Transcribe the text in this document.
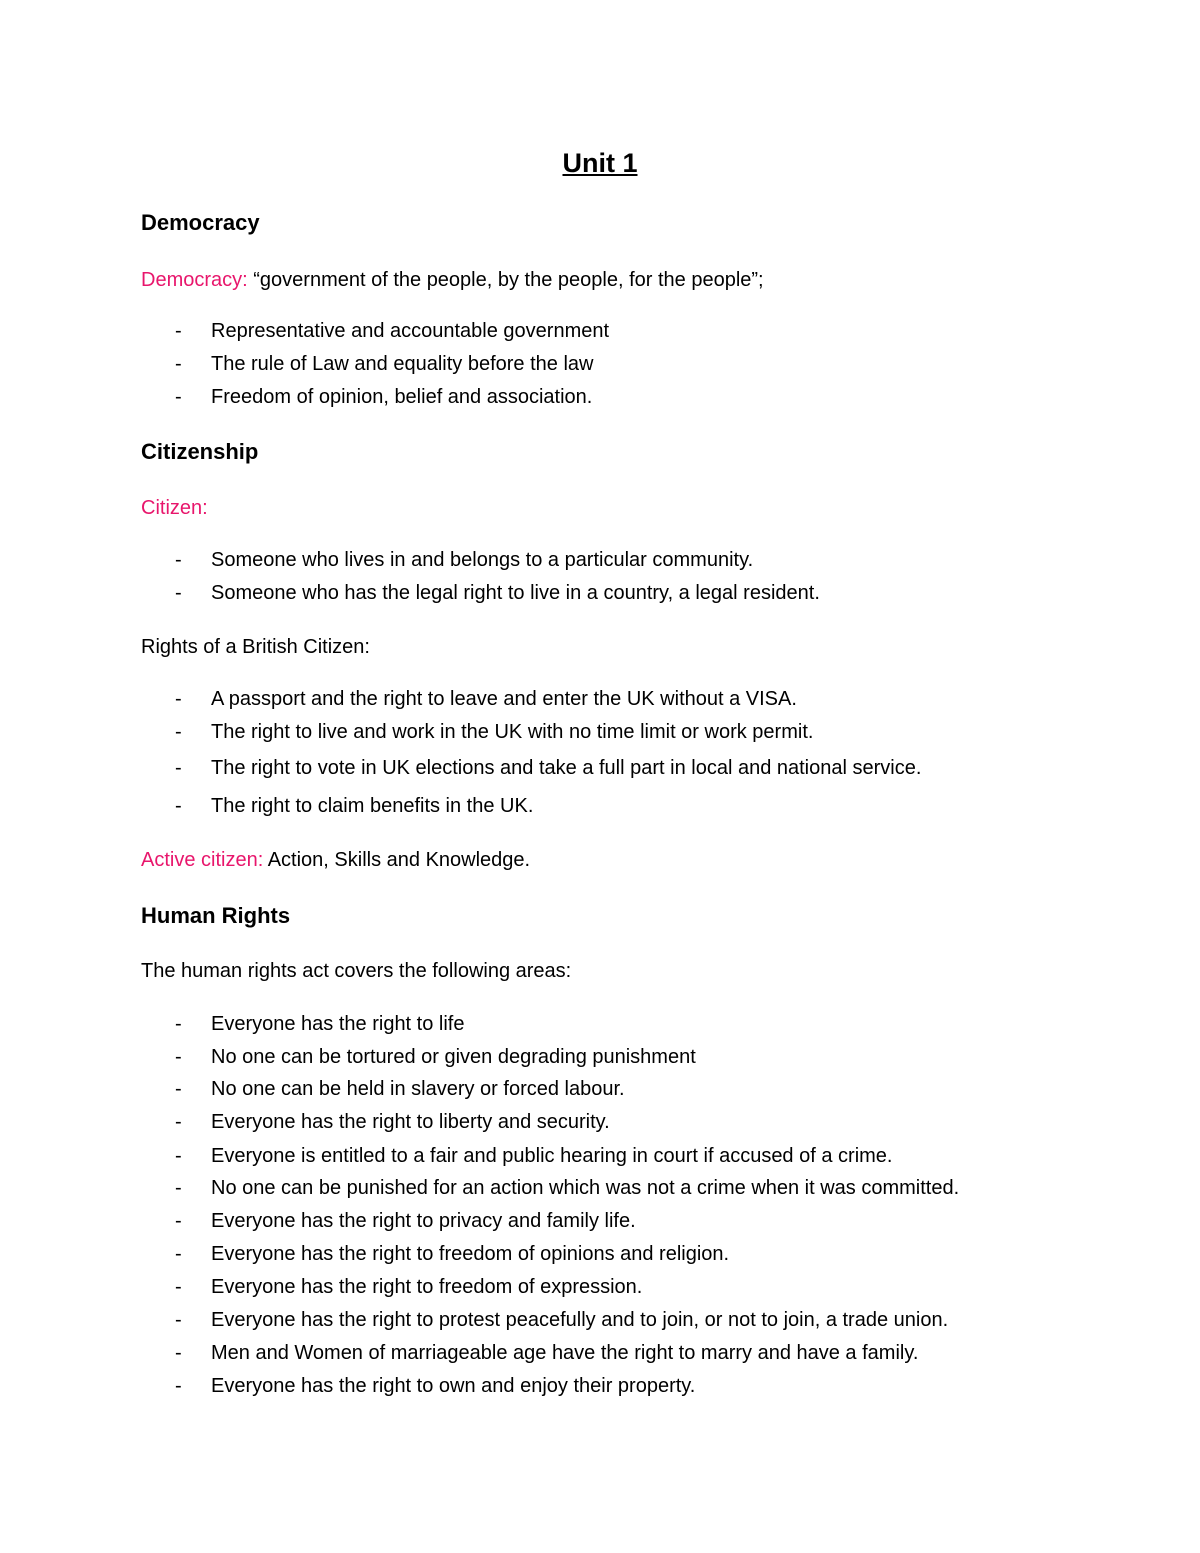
Unit 1
Democracy
Democracy: “government of the people, by the people, for the people”;
- Representative and accountable government
- The rule of Law and equality before the law
- Freedom of opinion, belief and association.
Citizenship
Citizen:
- Someone who lives in and belongs to a particular community.
- Someone who has the legal right to live in a country, a legal resident.
Rights of a British Citizen:
- A passport and the right to leave and enter the UK without a VISA.
- The right to live and work in the UK with no time limit or work permit.
- The right to vote in UK elections and take a full part in local and national service.
- The right to claim benefits in the UK.
Active citizen: Action, Skills and Knowledge.
Human Rights
The human rights act covers the following areas:
- Everyone has the right to life
- No one can be tortured or given degrading punishment
- No one can be held in slavery or forced labour.
- Everyone has the right to liberty and security.
- Everyone is entitled to a fair and public hearing in court if accused of a crime.
- No one can be punished for an action which was not a crime when it was committed.
- Everyone has the right to privacy and family life.
- Everyone has the right to freedom of opinions and religion.
- Everyone has the right to freedom of expression.
- Everyone has the right to protest peacefully and to join, or not to join, a trade union.
- Men and Women of marriageable age have the right to marry and have a family.
- Everyone has the right to own and enjoy their property.
